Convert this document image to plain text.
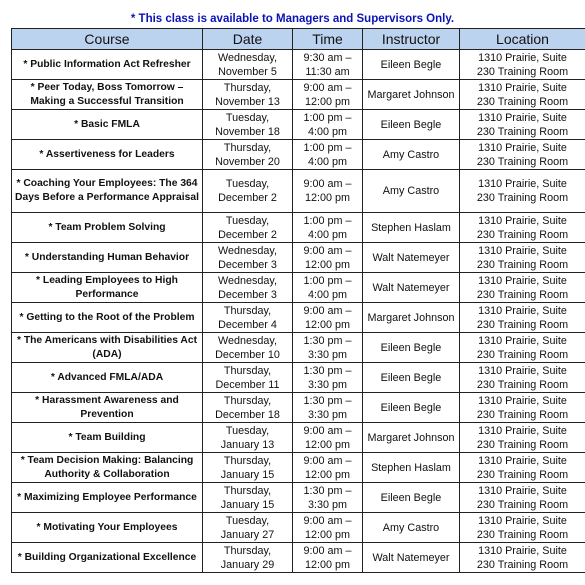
* This class is available to Managers and Supervisors Only.
Course	Date	Time	Instructor	Location
* Public Information Act Refresher	Wednesday,
November 5	9:30 am –
11:30 am	Eileen Begle	1310 Prairie, Suite
230 Training Room
* Peer Today, Boss Tomorrow – Making a Successful Transition	Thursday,
November 13	9:00 am –
12:00 pm	Margaret Johnson	1310 Prairie, Suite
230 Training Room
* Basic FMLA	Tuesday,
November 18	1:00 pm –
4:00 pm	Eileen Begle	1310 Prairie, Suite
230 Training Room
* Assertiveness for Leaders	Thursday,
November 20	1:00 pm –
4:00 pm	Amy Castro	1310 Prairie, Suite
230 Training Room
* Coaching Your Employees: The 364 Days Before a Performance Appraisal	Tuesday,
December 2	9:00 am –
12:00 pm	Amy Castro	1310 Prairie, Suite
230 Training Room
* Team Problem Solving	Tuesday,
December 2	1:00 pm –
4:00 pm	Stephen Haslam	1310 Prairie, Suite
230 Training Room
* Understanding Human Behavior	Wednesday,
December 3	9:00 am –
12:00 pm	Walt Natemeyer	1310 Prairie, Suite
230 Training Room
* Leading Employees to High Performance	Wednesday,
December 3	1:00 pm –
4:00 pm	Walt Natemeyer	1310 Prairie, Suite
230 Training Room
* Getting to the Root of the Problem	Thursday,
December 4	9:00 am –
12:00 pm	Margaret Johnson	1310 Prairie, Suite
230 Training Room
* The Americans with Disabilities Act (ADA)	Wednesday,
December 10	1:30 pm –
3:30 pm	Eileen Begle	1310 Prairie, Suite
230 Training Room
* Advanced FMLA/ADA	Thursday,
December 11	1:30 pm –
3:30 pm	Eileen Begle	1310 Prairie, Suite
230 Training Room
* Harassment Awareness and Prevention	Thursday,
December 18	1:30 pm –
3:30 pm	Eileen Begle	1310 Prairie, Suite
230 Training Room
* Team Building	Tuesday,
January 13	9:00 am –
12:00 pm	Margaret Johnson	1310 Prairie, Suite
230 Training Room
* Team Decision Making: Balancing Authority & Collaboration	Thursday,
January 15	9:00 am –
12:00 pm	Stephen Haslam	1310 Prairie, Suite
230 Training Room
* Maximizing Employee Performance	Thursday,
January 15	1:30 pm –
3:30 pm	Eileen Begle	1310 Prairie, Suite
230 Training Room
* Motivating Your Employees	Tuesday,
January 27	9:00 am –
12:00 pm	Amy Castro	1310 Prairie, Suite
230 Training Room
* Building Organizational Excellence	Thursday,
January 29	9:00 am –
12:00 pm	Walt Natemeyer	1310 Prairie, Suite
230 Training Room
